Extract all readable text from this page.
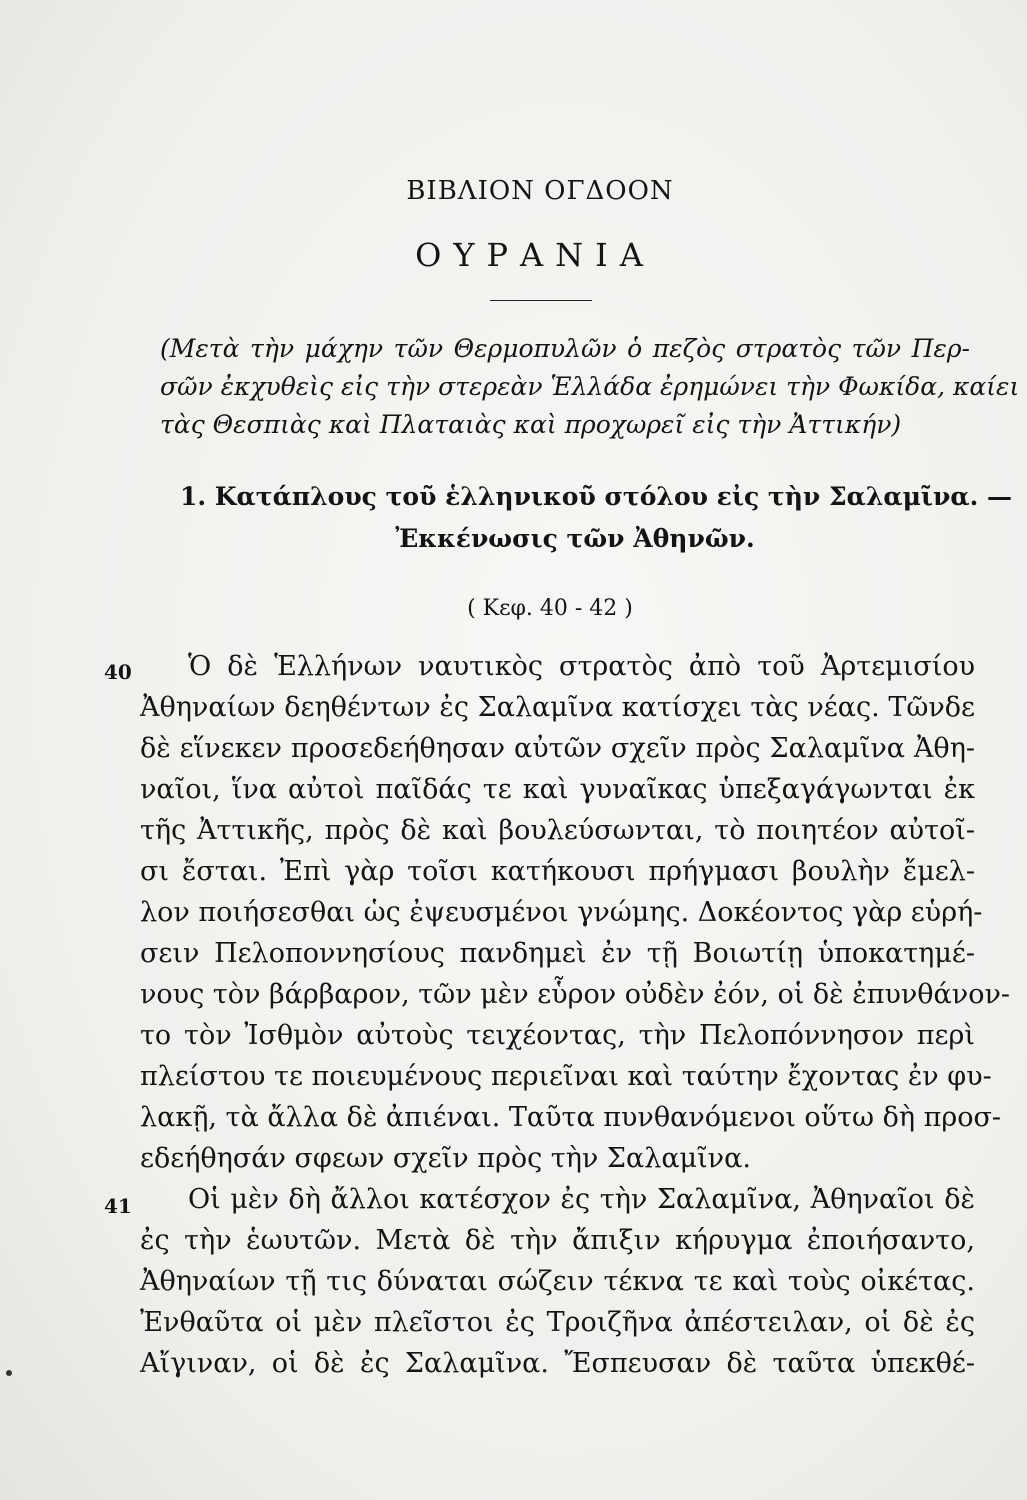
ΒΙΒΛΙΟΝ ΟΓΔΟΟΝ
ΟΥΡΑΝΙΑ
(Μετὰ τὴν μάχην τῶν Θερμοπυλῶν ὁ πεζὸς στρατὸς τῶν Περ-
σῶν ἐκχυθεὶς εἰς τὴν στερεὰν Ἑλλάδα ἐρημώνει τὴν Φωκίδα, καίει
τὰς Θεσπιὰς καὶ Πλαταιὰς καὶ προχωρεῖ εἰς τὴν Ἀττικήν)
1. Κατάπλους τοῦ ἑλληνικοῦ στόλου εἰς τὴν Σαλαμῖνα. —
Ἐκκένωσις τῶν Ἀθηνῶν.
( Κεφ. 40 - 42 )
40	Ὁ δὲ Ἑλλήνων ναυτικὸς στρατὸς ἀπὸ τοῦ Ἀρτεμισίου
Ἀθηναίων δεηθέντων ἐς Σαλαμῖνα κατίσχει τὰς νέας. Τῶνδε
δὲ εἵνεκεν προσεδεήθησαν αὐτῶν σχεῖν πρὸς Σαλαμῖνα Ἀθη-
ναῖοι, ἵνα αὐτοὶ παῖδάς τε καὶ γυναῖκας ὑπεξαγάγωνται ἐκ
τῆς Ἀττικῆς, πρὸς δὲ καὶ βουλεύσωνται, τὸ ποιητέον αὐτοῖ-
σι ἔσται. Ἐπὶ γὰρ τοῖσι κατήκουσι πρήγμασι βουλὴν ἔμελ-
λον ποιήσεσθαι ὡς ἐψευσμένοι γνώμης. Δοκέοντος γὰρ εὑρή-
σειν Πελοποννησίους πανδημεὶ ἐν τῇ Βοιωτίῃ ὑποκατημέ-
νους τὸν βάρβαρον, τῶν μὲν εὗρον οὐδὲν ἐόν, οἱ δὲ ἐπυνθάνον-
το τὸν Ἰσθμὸν αὐτοὺς τειχέοντας, τὴν Πελοπόννησον περὶ
πλείστου τε ποιευμένους περιεῖναι καὶ ταύτην ἔχοντας ἐν φυ-
λακῇ, τὰ ἄλλα δὲ ἀπιέναι. Ταῦτα πυνθανόμενοι οὕτω δὴ προσ-
εδεήθησάν σφεων σχεῖν πρὸς τὴν Σαλαμῖνα.
41	Οἱ μὲν δὴ ἄλλοι κατέσχον ἐς τὴν Σαλαμῖνα, Ἀθηναῖοι δὲ
ἐς τὴν ἑωυτῶν. Μετὰ δὲ τὴν ἄπιξιν κήρυγμα ἐποιήσαντο,
Ἀθηναίων τῇ τις δύναται σώζειν τέκνα τε καὶ τοὺς οἰκέτας.
Ἐνθαῦτα οἱ μὲν πλεῖστοι ἐς Τροιζῆνα ἀπέστειλαν, οἱ δὲ ἐς
Αἴγιναν, οἱ δὲ ἐς Σαλαμῖνα. Ἔσπευσαν δὲ ταῦτα ὑπεκθέ-
